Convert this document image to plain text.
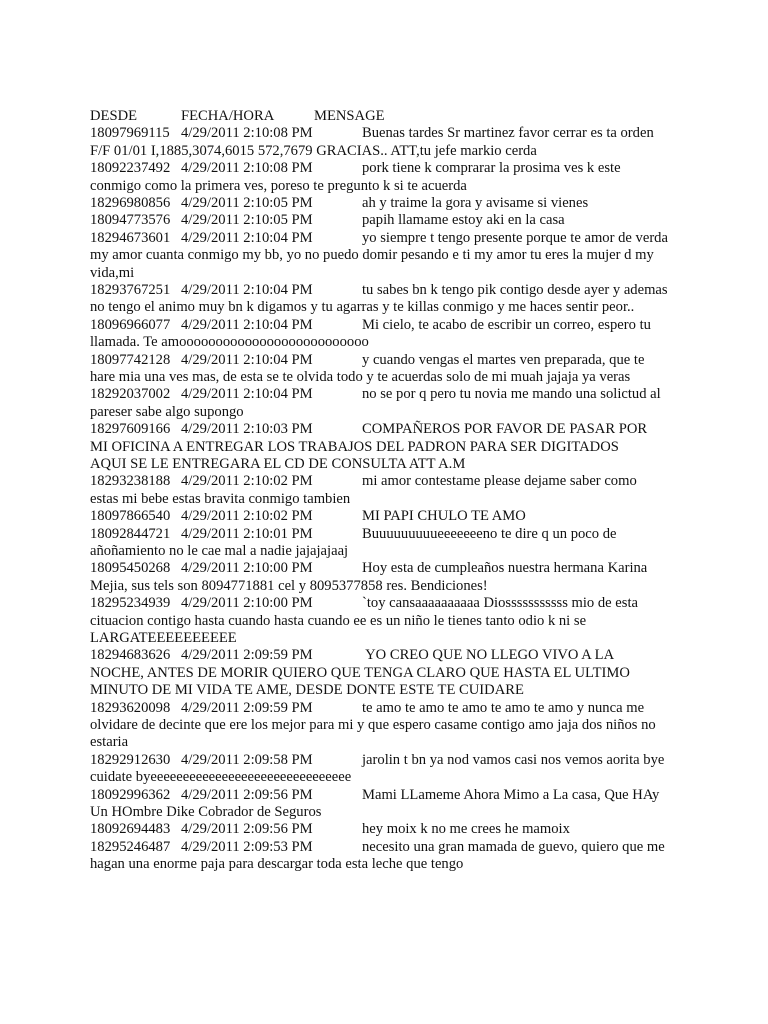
DESDE	FECHA/HORA	MENSAGE
18097969115 4/29/2011 2:10:08 PM	Buenas tardes Sr martinez favor cerrar es ta orden
F/F 01/01 I,1885,3074,6015 572,7679 GRACIAS.. ATT,tu jefe markio cerda
18092237492 4/29/2011 2:10:08 PM	pork tiene k comprarar la prosima ves k este
conmigo como la primera ves, poreso te pregunto k si te acuerda
18296980856 4/29/2011 2:10:05 PM	ah y traime la gora y avisame si vienes
18094773576 4/29/2011 2:10:05 PM	papih llamame estoy aki en la casa
18294673601 4/29/2011 2:10:04 PM	yo siempre t tengo presente porque te amor de verda
my amor cuanta conmigo my bb, yo no puedo domir pesando e ti my amor tu eres la mujer d my
vida,mi
18293767251 4/29/2011 2:10:04 PM	tu sabes bn k tengo pik contigo desde ayer y ademas
no tengo el animo muy bn k digamos y tu agarras y te killas conmigo y me haces sentir peor..
18096966077 4/29/2011 2:10:04 PM	Mi cielo, te acabo de escribir un correo, espero tu
llamada. Te amoooooooooooooooooooooooooo
18097742128 4/29/2011 2:10:04 PM	y cuando vengas el martes ven preparada, que te
hare mia una ves mas, de esta se te olvida todo y te acuerdas solo de mi muah jajaja ya veras
18292037002 4/29/2011 2:10:04 PM	no se por q pero tu novia me mando una solictud al
pareser sabe algo supongo
18297609166 4/29/2011 2:10:03 PM	COMPAÑEROS POR FAVOR DE PASAR POR
MI OFICINA A ENTREGAR LOS TRABAJOS DEL PADRON PARA SER DIGITADOS
AQUI SE LE ENTREGARA EL CD DE CONSULTA ATT A.M
18293238188 4/29/2011 2:10:02 PM	mi amor contestame please dejame saber como
estas mi bebe estas bravita conmigo tambien
18097866540 4/29/2011 2:10:02 PM	MI PAPI CHULO TE AMO
18092844721 4/29/2011 2:10:01 PM	Buuuuuuuuueeeeeeeno te dire q un poco de
añoñamiento no le cae mal a nadie jajajajaaj
18095450268 4/29/2011 2:10:00 PM	Hoy esta de cumpleaños nuestra hermana Karina
Mejia, sus tels son 8094771881 cel y 8095377858 res. Bendiciones!
18295234939 4/29/2011 2:10:00 PM	`toy cansaaaaaaaaaa Diosssssssssss mio de esta
cituacion contigo hasta cuando hasta cuando ee es un niño le tienes tanto odio k ni se
LARGATEEEEEEEEEE
18294683626 4/29/2011 2:09:59 PM	YO CREO QUE NO LLEGO VIVO A LA
NOCHE, ANTES DE MORIR QUIERO QUE TENGA CLARO QUE HASTA EL ULTIMO
MINUTO DE MI VIDA TE AME, DESDE DONTE ESTE TE CUIDARE
18293620098 4/29/2011 2:09:59 PM	te amo te amo te amo te amo te amo y nunca me
olvidare de decinte que ere los mejor para mi y que espero casame contigo amo jaja dos niños no
estaria
18292912630 4/29/2011 2:09:58 PM	jarolin t bn ya nod vamos casi nos vemos aorita bye
cuidate byeeeeeeeeeeeeeeeeeeeeeeeeeeeeeee
18092996362 4/29/2011 2:09:56 PM	Mami LLameme Ahora Mimo a La casa, Que HAy
Un HOmbre Dike Cobrador de Seguros
18092694483 4/29/2011 2:09:56 PM	hey moix k no me crees he mamoix
18295246487 4/29/2011 2:09:53 PM	necesito una gran mamada de guevo, quiero que me
hagan una enorme paja para descargar toda esta leche que tengo
